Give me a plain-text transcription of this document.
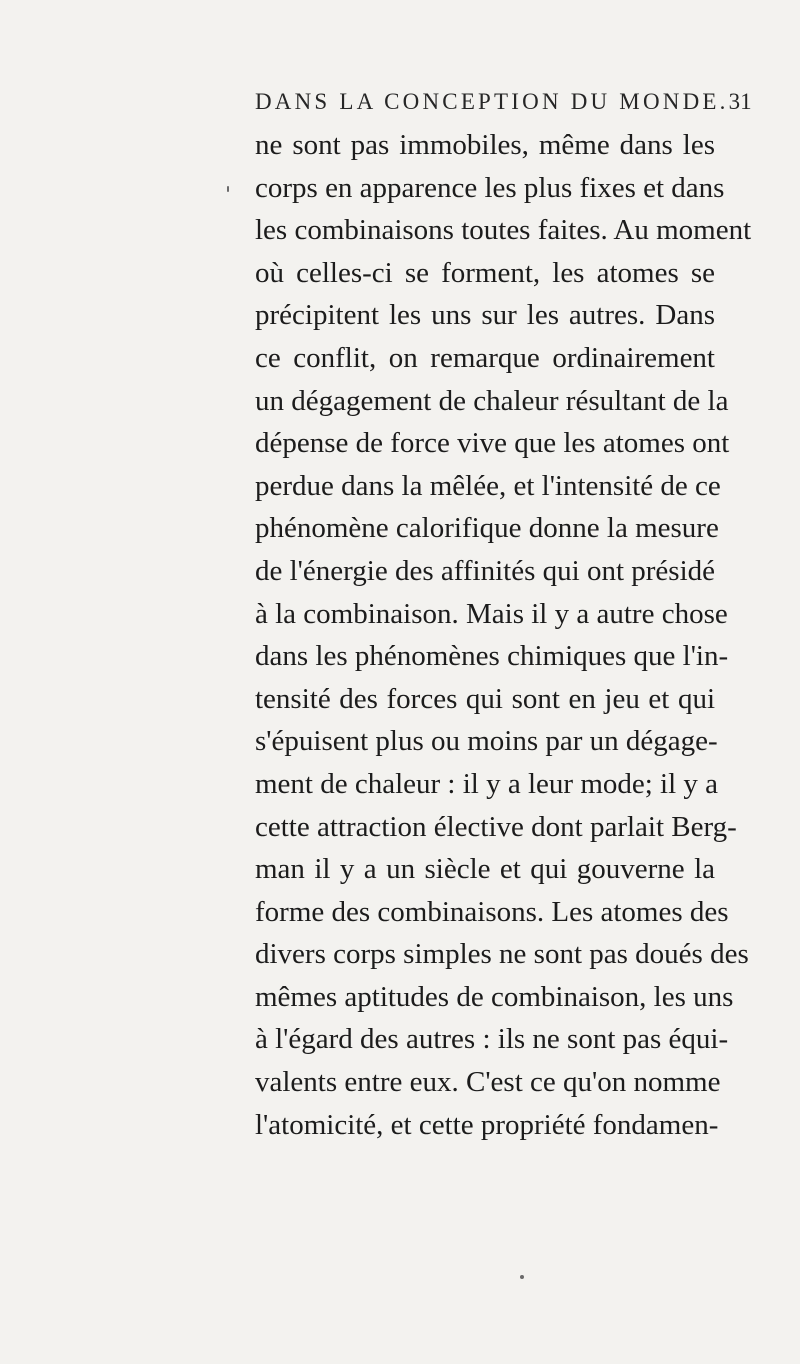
DANS LA CONCEPTION DU MONDE. 31
ne sont pas immobiles, même dans les
corps en apparence les plus fixes et dans
les combinaisons toutes faites. Au moment
où celles-ci se forment, les atomes se
précipitent les uns sur les autres. Dans
ce conflit, on remarque ordinairement
un dégagement de chaleur résultant de la
dépense de force vive que les atomes ont
perdue dans la mêlée, et l'intensité de ce
phénomène calorifique donne la mesure
de l'énergie des affinités qui ont présidé
à la combinaison. Mais il y a autre chose
dans les phénomènes chimiques que l'in-
tensité des forces qui sont en jeu et qui
s'épuisent plus ou moins par un dégage-
ment de chaleur : il y a leur mode; il y a
cette attraction élective dont parlait Berg-
man il y a un siècle et qui gouverne la
forme des combinaisons. Les atomes des
divers corps simples ne sont pas doués des
mêmes aptitudes de combinaison, les uns
à l'égard des autres : ils ne sont pas équi-
valents entre eux. C'est ce qu'on nomme
l'atomicité, et cette propriété fondamen-
